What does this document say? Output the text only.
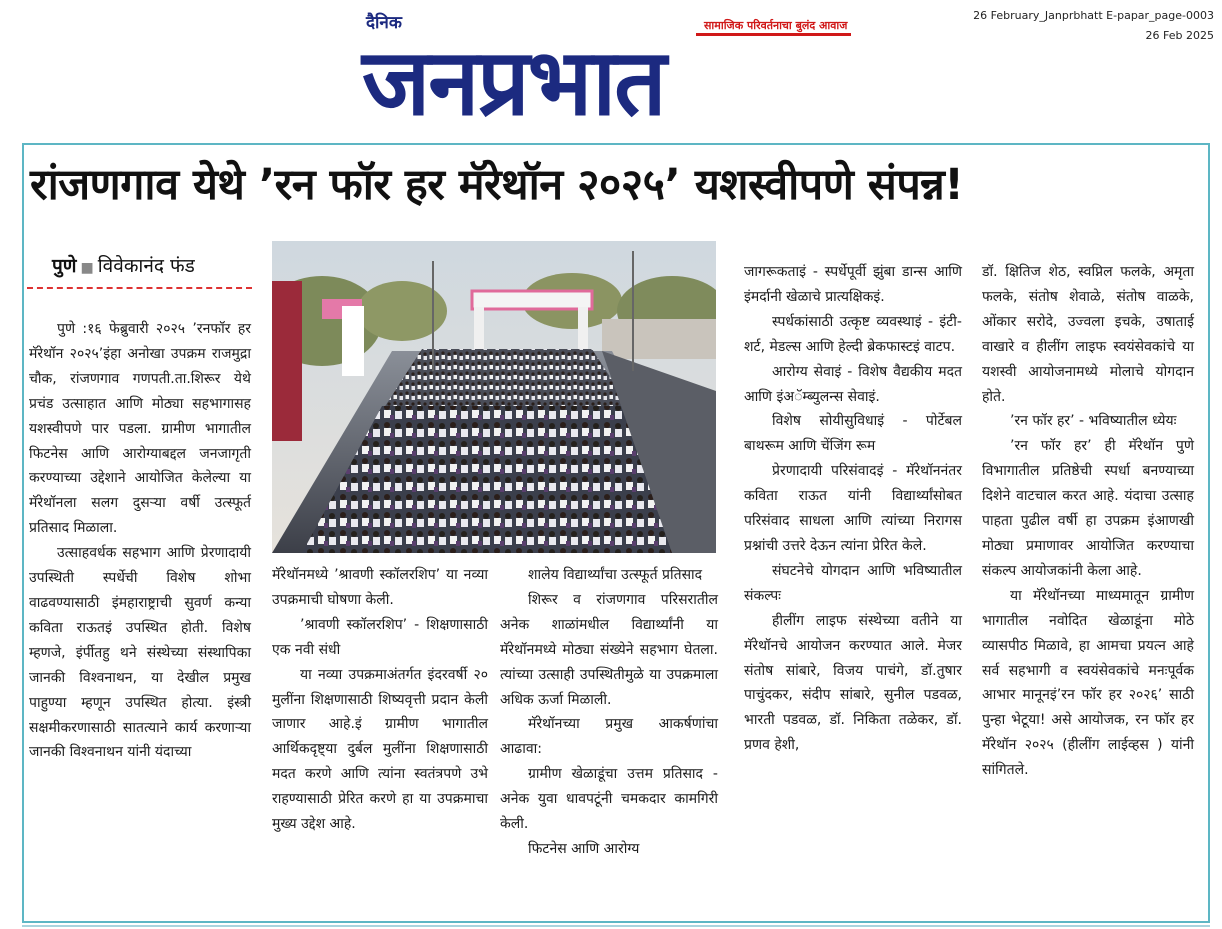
दैनिक	सामाजिक परिवर्तनाचा बुलंद आवाज
जनप्रभात
26 February_Janprbhatt E-papar_page-0003
26 Feb 2025
रांजणगाव येथे ’रन फॉर हर मॅरेथॉन २०२५’ यशस्वीपणे संपन्न!
पुणे ■ विवेकानंद फंड

पुणे :१६ फेब्रुवारी २०२५ ’रनफॉर हर मॅरेथॉन २०२५’इंहा अनोखा उपक्रम राजमुद्रा चौक, रांजणगाव गणपती.ता.शिरूर येथे प्रचंड उत्साहात आणि मोठ्या सहभागासह यशस्वीपणे पार पडला. ग्रामीण भागातील फिटनेस आणि आरोग्याबद्दल जनजागृती करण्याच्या उद्देशाने आयोजित केलेल्या या मॅरेथॉनला सलग दुसऱ्या वर्षी उत्स्फूर्त प्रतिसाद मिळाला.

उत्साहवर्धक सहभाग आणि प्रेरणादायी उपस्थिती स्पर्धेची विशेष शोभा वाढवण्यासाठी इंमहाराष्ट्राची सुवर्ण कन्या कविता राऊतइं उपस्थित होती. विशेष म्हणजे, इंर्पीतहु थने संस्थेच्या संस्थापिका जानकी विश्वनाथन, या देखील प्रमुख पाहुण्या म्हणून उपस्थित होत्या. इंस्त्री सक्षमीकरणासाठी सातत्याने कार्य करणाऱ्या जानकी विश्वनाथन यांनी यंदाच्या

मॅरेथॉनमध्ये ’श्रावणी स्कॉलरशिप’ या नव्या उपक्रमाची घोषणा केली.

’श्रावणी स्कॉलरशिप’ - शिक्षणासाठी एक नवी संधी

या नव्या उपक्रमाअंतर्गत इंदरवर्षी २० मुलींना शिक्षणासाठी शिष्यवृत्ती प्रदान केली जाणार आहे.इं ग्रामीण भागातील आर्थिकदृष्ट्या दुर्बल मुलींना शिक्षणासाठी मदत करणे आणि त्यांना स्वतंत्रपणे उभे राहण्यासाठी प्रेरित करणे हा या उपक्रमाचा मुख्य उद्देश आहे.

शालेय विद्यार्थ्यांचा उत्स्फूर्त प्रतिसाद

शिरूर व रांजणगाव परिसरातील अनेक शाळांमधील विद्यार्थ्यांनी या मॅरेथॉनमध्ये मोठ्या संख्येने सहभाग घेतला. त्यांच्या उत्साही उपस्थितीमुळे या उपक्रमाला अधिक ऊर्जा मिळाली.

मॅरेथॉनच्या प्रमुख आकर्षणांचा आढावा:

ग्रामीण खेळाडूंचा उत्तम प्रतिसाद - अनेक युवा धावपटूंनी चमकदार कामगिरी केली.

फिटनेस आणि आरोग्य

जागरूकताइं - स्पर्धेपूर्वी झुंबा डान्स आणि इंमर्दानी खेळाचे प्रात्यक्षिकइं.

स्पर्धकांसाठी उत्कृष्ट व्यवस्थाइं - इंटी-शर्ट, मेडल्स आणि हेल्दी ब्रेकफास्टइं वाटप.

आरोग्य सेवाइं - विशेष वैद्यकीय मदत आणि इंअॅम्ब्युलन्स सेवाइं.

विशेष सोयीसुविधाइं - पोर्टेबल बाथरूम आणि चेंजिंग रूम

प्रेरणादायी परिसंवादइं - मॅरेथॉननंतर कविता राऊत यांनी विद्यार्थ्यांसोबत परिसंवाद साधला आणि त्यांच्या निरागस प्रश्नांची उत्तरे देऊन त्यांना प्रेरित केले.

संघटनेचे योगदान आणि भविष्यातील संकल्पः

हीलींग लाइफ संस्थेच्या वतीने या मॅरेथॉनचे आयोजन करण्यात आले. मेजर संतोष सांबारे, विजय पाचंगे, डॉ.तुषार पाचुंदकर, संदीप सांबारे, सुनील पडवळ, भारती पडवळ, डॉ. निकिता तळेकर, डॉ. प्रणव हेशी,

डॉ. क्षितिज शेठ, स्वप्निल फलके, अमृता फलके, संतोष शेवाळे, संतोष वाळके, ओंकार सरोदे, उज्वला इचके, उषाताई वाखारे व हीलींग लाइफ स्वयंसेवकांचे या यशस्वी आयोजनामध्ये मोलाचे योगदान होते.

’रन फॉर हर’ - भविष्यातील ध्येयः

’रन फॉर हर’ ही मॅरेथॉन पुणे विभागातील प्रतिष्ठेची स्पर्धा बनण्याच्या दिशेने वाटचाल करत आहे. यंदाचा उत्साह पाहता पुढील वर्षी हा उपक्रम इंआणखी मोठ्या प्रमाणावर आयोजित करण्याचा संकल्प आयोजकांनी केला आहे.

या मॅरेथॉनच्या माध्यमातून ग्रामीण भागातील नवोदित खेळाडूंना मोठे व्यासपीठ मिळावे, हा आमचा प्रयत्न आहे सर्व सहभागी व स्वयंसेवकांचे मनःपूर्वक आभार मानूनइं’रन फॉर हर २०२६’ साठी पुन्हा भेटूया! असे आयोजक, रन फॉर हर मॅरेथॉन २०२५ (हीलींग लाईव्हस ) यांनी सांगितले.
